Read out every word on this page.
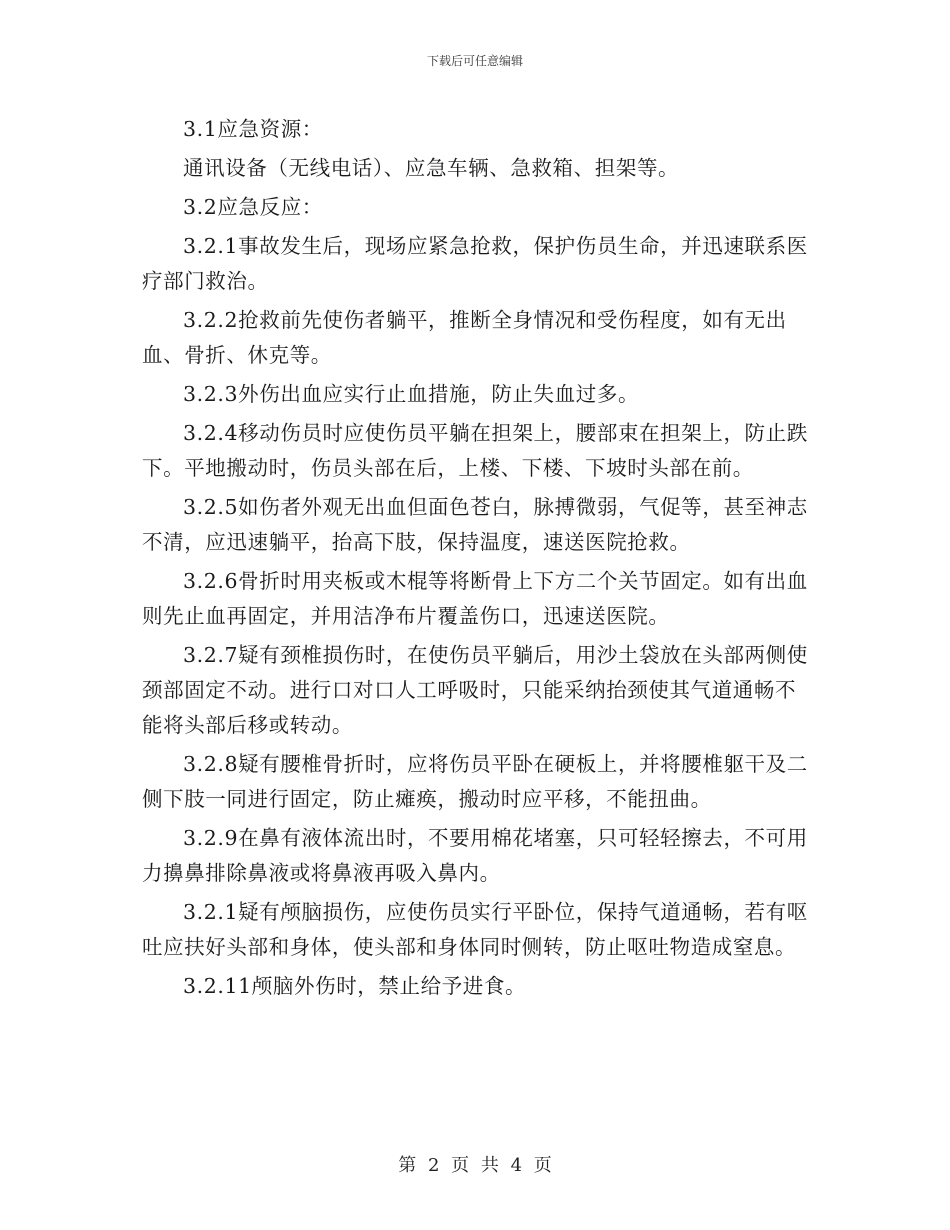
下载后可任意编辑

3.1应急资源：

通讯设备（无线电话）、应急车辆、急救箱、担架等。

3.2应急反应：

3.2.1事故发生后，现场应紧急抢救，保护伤员生命，并迅速联系医疗部门救治。

3.2.2抢救前先使伤者躺平，推断全身情况和受伤程度，如有无出血、骨折、休克等。

3.2.3外伤出血应实行止血措施，防止失血过多。

3.2.4移动伤员时应使伤员平躺在担架上，腰部束在担架上，防止跌下。平地搬动时，伤员头部在后，上楼、下楼、下坡时头部在前。

3.2.5如伤者外观无出血但面色苍白，脉搏微弱，气促等，甚至神志不清，应迅速躺平，抬高下肢，保持温度，速送医院抢救。

3.2.6骨折时用夹板或木棍等将断骨上下方二个关节固定。如有出血则先止血再固定，并用洁净布片覆盖伤口，迅速送医院。

3.2.7疑有颈椎损伤时，在使伤员平躺后，用沙土袋放在头部两侧使颈部固定不动。进行口对口人工呼吸时，只能采纳抬颈使其气道通畅不能将头部后移或转动。

3.2.8疑有腰椎骨折时，应将伤员平卧在硬板上，并将腰椎躯干及二侧下肢一同进行固定，防止瘫痪，搬动时应平移，不能扭曲。

3.2.9在鼻有液体流出时，不要用棉花堵塞，只可轻轻擦去，不可用力擤鼻排除鼻液或将鼻液再吸入鼻内。

3.2.1疑有颅脑损伤，应使伤员实行平卧位，保持气道通畅，若有呕吐应扶好头部和身体，使头部和身体同时侧转，防止呕吐物造成窒息。

3.2.11颅脑外伤时，禁止给予进食。

第 2 页 共 4 页
